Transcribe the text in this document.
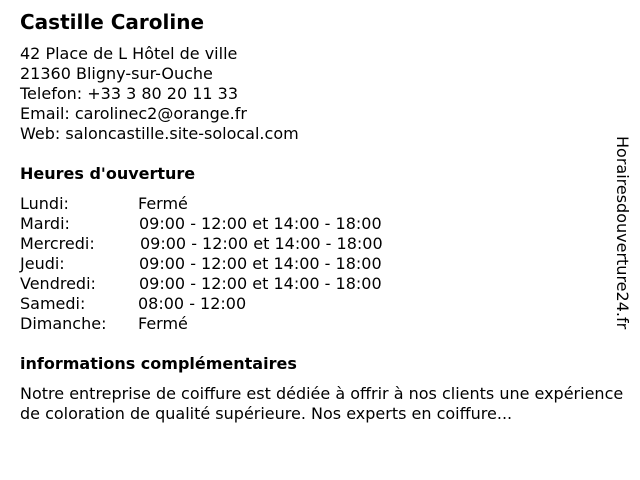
Castille Caroline
42 Place de L Hôtel de ville
21360 Bligny-sur-Ouche
Telefon: +33 3 80 20 11 33
Email: carolinec2@orange.fr
Web: saloncastille.site-solocal.com
Heures d'ouverture
Lundi:	Fermé
Mardi:	09:00 - 12:00 et 14:00 - 18:00
Mercredi:	09:00 - 12:00 et 14:00 - 18:00
Jeudi:	09:00 - 12:00 et 14:00 - 18:00
Vendredi:	09:00 - 12:00 et 14:00 - 18:00
Samedi:	08:00 - 12:00
Dimanche: Fermé
informations complémentaires
Notre entreprise de coiffure est dédiée à offrir à nos clients une expérience de coloration de qualité supérieure. Nos experts en coiffure...
Horairesdouverture24.fr
